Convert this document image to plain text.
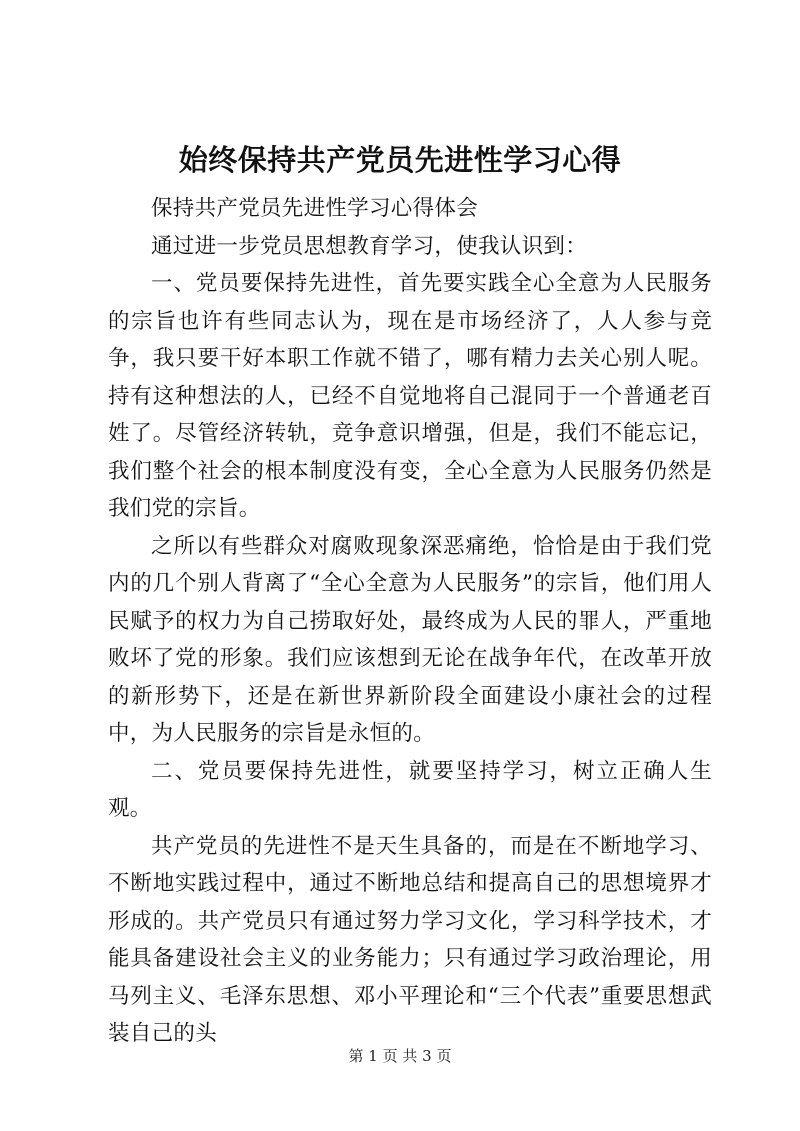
始终保持共产党员先进性学习心得

保持共产党员先进性学习心得体会

通过进一步党员思想教育学习，使我认识到：

一、党员要保持先进性，首先要实践全心全意为人民服务的宗旨也许有些同志认为，现在是市场经济了，人人参与竞争，我只要干好本职工作就不错了，哪有精力去关心别人呢。持有这种想法的人，已经不自觉地将自己混同于一个普通老百姓了。尽管经济转轨，竞争意识增强，但是，我们不能忘记，我们整个社会的根本制度没有变，全心全意为人民服务仍然是我们党的宗旨。

之所以有些群众对腐败现象深恶痛绝，恰恰是由于我们党内的几个别人背离了“全心全意为人民服务”的宗旨，他们用人民赋予的权力为自己捞取好处，最终成为人民的罪人，严重地败坏了党的形象。我们应该想到无论在战争年代，在改革开放的新形势下，还是在新世界新阶段全面建设小康社会的过程中，为人民服务的宗旨是永恒的。

二、党员要保持先进性，就要坚持学习，树立正确人生观。

共产党员的先进性不是天生具备的，而是在不断地学习、不断地实践过程中，通过不断地总结和提高自己的思想境界才形成的。共产党员只有通过努力学习文化，学习科学技术，才能具备建设社会主义的业务能力；只有通过学习政治理论，用马列主义、毛泽东思想、邓小平理论和“三个代表”重要思想武装自己的头

第 1 页 共 3 页
